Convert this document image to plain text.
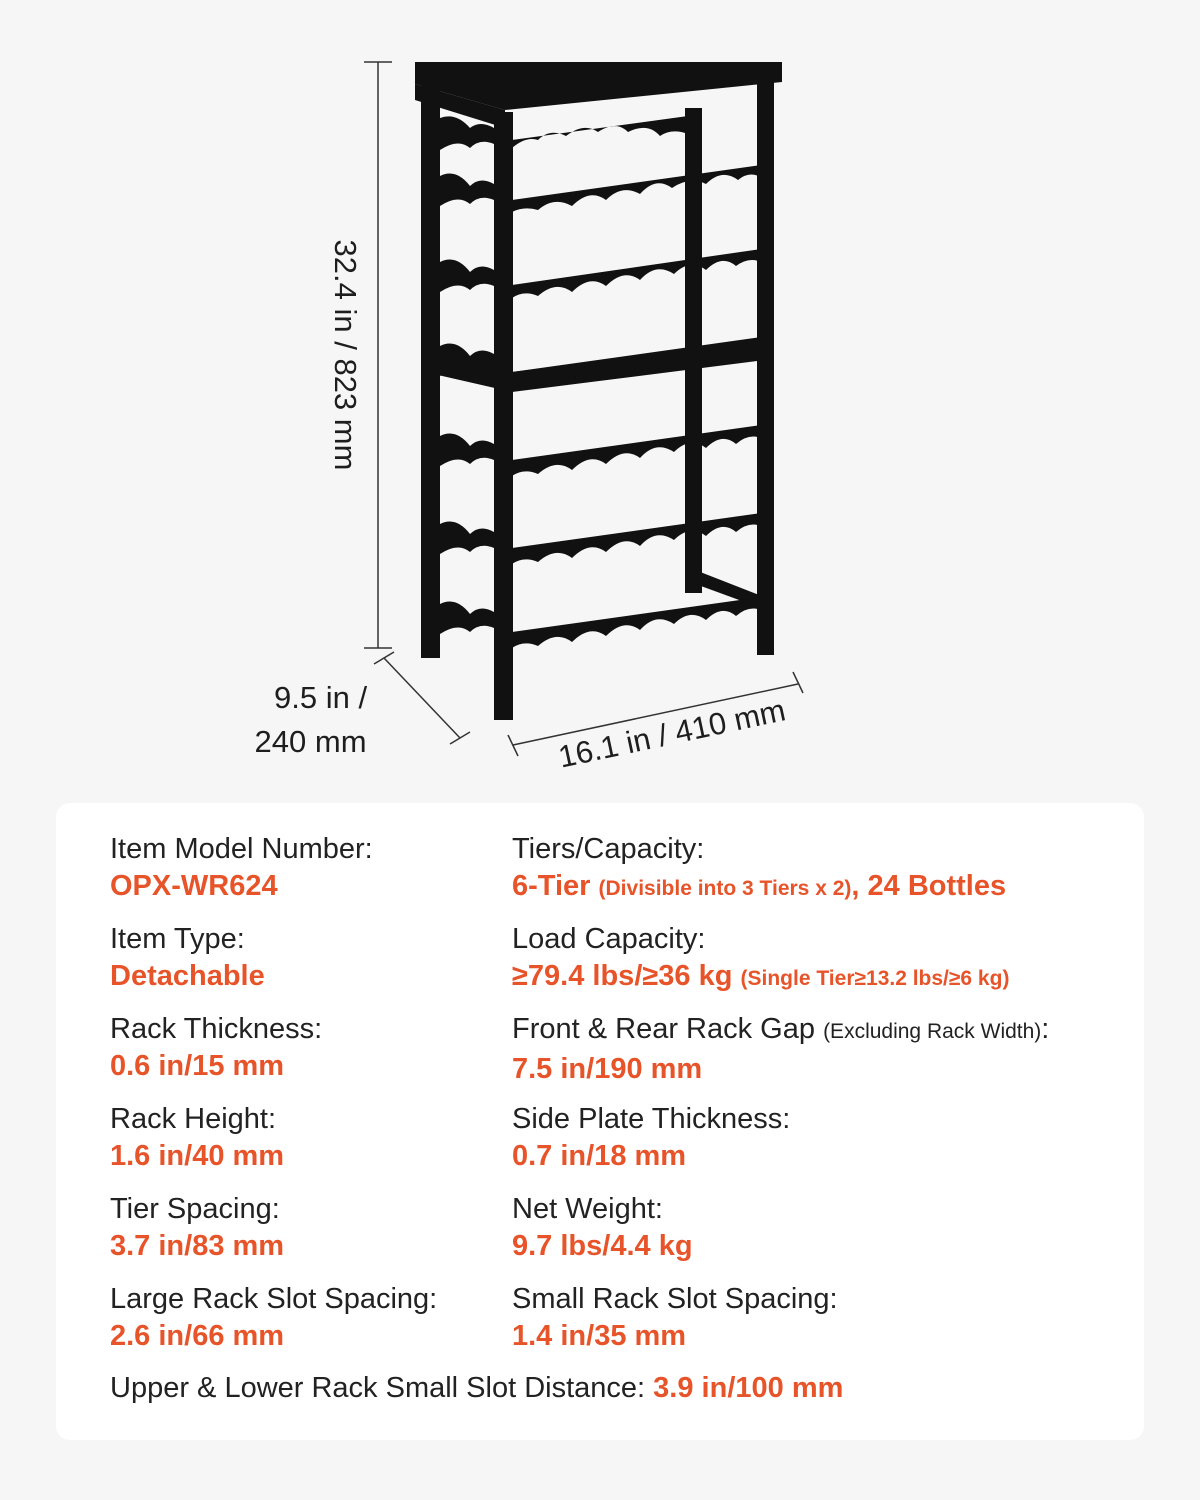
32.4 in / 823 mm
9.5 in /
240 mm	16.1 in / 410 mm
Item Model Number:
OPX-WR624
Item Type:
Detachable
Rack Thickness:
0.6 in/15 mm
Rack Height:
1.6 in/40 mm
Tier Spacing:
3.7 in/83 mm
Large Rack Slot Spacing:
2.6 in/66 mm
Tiers/Capacity:
6-Tier (Divisible into 3 Tiers x 2), 24 Bottles
Load Capacity:
≥79.4 lbs/≥36 kg (Single Tier≥13.2 lbs/≥6 kg)
Front & Rear Rack Gap (Excluding Rack Width):
7.5 in/190 mm
Side Plate Thickness:
0.7 in/18 mm
Net Weight:
9.7 lbs/4.4 kg
Small Rack Slot Spacing:
1.4 in/35 mm
Upper & Lower Rack Small Slot Distance: 3.9 in/100 mm
